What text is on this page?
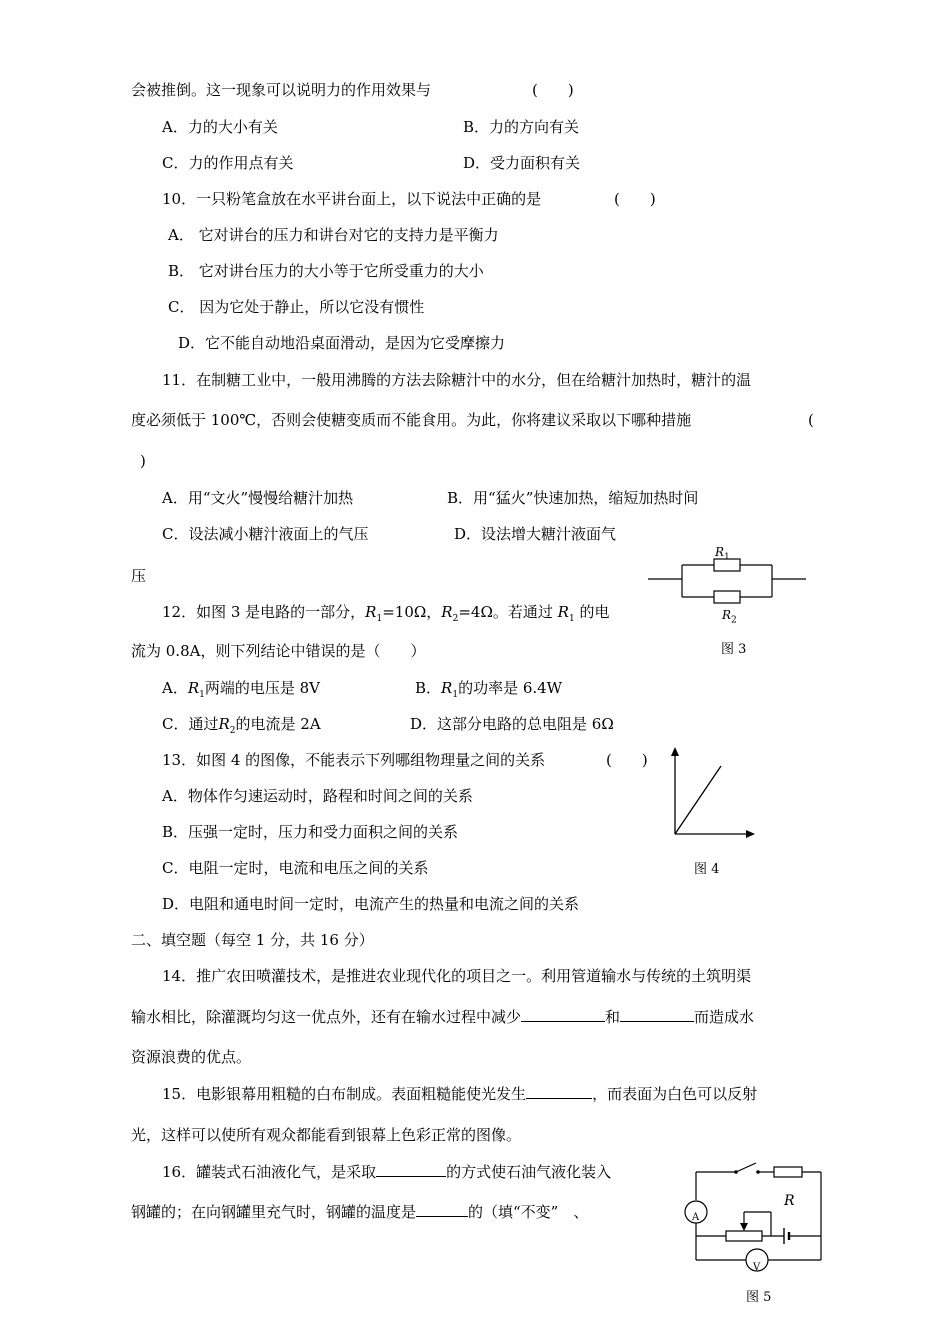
会被推倒。这一现象可以说明力的作用效果与	(　　)
A．力的大小有关	B．力的方向有关
C．力的作用点有关	D．受力面积有关
10．一只粉笔盒放在水平讲台面上，以下说法中正确的是	(　　)
A． 它对讲台的压力和讲台对它的支持力是平衡力
B． 它对讲台压力的大小等于它所受重力的大小
C． 因为它处于静止，所以它没有惯性
D．它不能自动地沿桌面滑动，是因为它受摩擦力
11．在制糖工业中，一般用沸腾的方法去除糖汁中的水分，但在给糖汁加热时，糖汁的温
度必须低于 100℃，否则会使糖变质而不能食用。为此，你将建议采取以下哪种措施	(
)
A．用“文火”慢慢给糖汁加热	B．用“猛火”快速加热，缩短加热时间
C．设法减小糖汁液面上的气压	D．设法增大糖汁液面气
压
12．如图 3 是电路的一部分，$R_1=10\Omega$，$R_2=4\Omega$。若通过 $R_1$ 的电
流为 0.8A，则下列结论中错误的是（　　）
A．$R_1$两端的电压是 8V	B．$R_1$的功率是 6.4W
C．通过$R_2$的电流是 2A	D．这部分电路的总电阻是 6Ω
$R_1$
$R_2$
图 3
13．如图 4 的图像，不能表示下列哪组物理量之间的关系	(　　)
A．物体作匀速运动时，路程和时间之间的关系
B．压强一定时，压力和受力面积之间的关系
C．电阻一定时，电流和电压之间的关系
D．电阻和通电时间一定时，电流产生的热量和电流之间的关系
图 4
二、填空题（每空 1 分，共 16 分）
14．推广农田喷灌技术，是推进农业现代化的项目之一。利用管道输水与传统的土筑明渠
输水相比，除灌溉均匀这一优点外，还有在输水过程中减少	和	而造成水
资源浪费的优点。
15．电影银幕用粗糙的白布制成。表面粗糙能使光发生	，而表面为白色可以反射
光，这样可以使所有观众都能看到银幕上色彩正常的图像。
16．罐装式石油液化气，是采取	的方式使石油气液化装入
钢罐的；在向钢罐里充气时，钢罐的温度是	的（填“不变”　、
R
A
V
图 5
